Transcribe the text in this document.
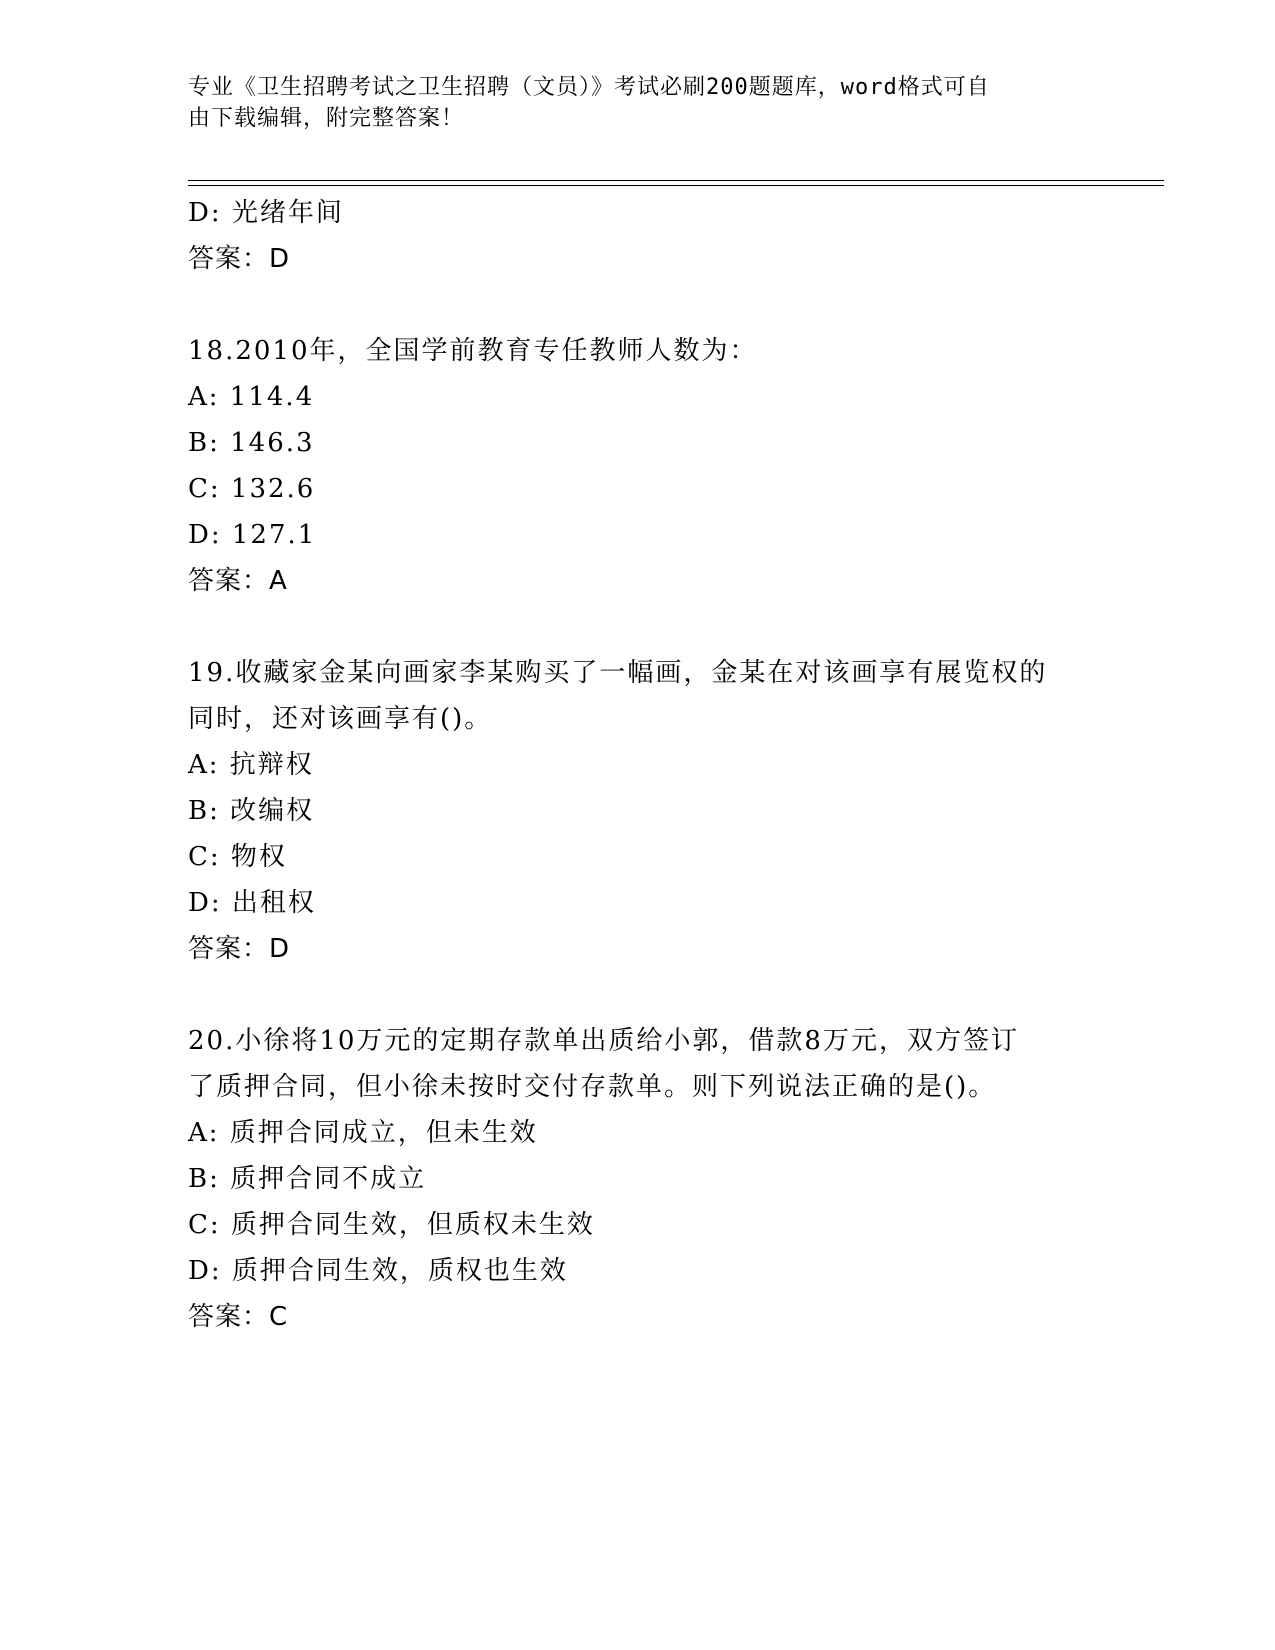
专业《卫生招聘考试之卫生招聘（文员）》考试必刷200题题库，word格式可自
由下载编辑，附完整答案！
D: 光绪年间
答案：D
18.2010年，全国学前教育专任教师人数为：
A: 114.4
B: 146.3
C: 132.6
D: 127.1
答案：A
19.收藏家金某向画家李某购买了一幅画，金某在对该画享有展览权的
同时，还对该画享有()。
A: 抗辩权
B: 改编权
C: 物权
D: 出租权
答案：D
20.小徐将10万元的定期存款单出质给小郭，借款8万元，双方签订
了质押合同，但小徐未按时交付存款单。则下列说法正确的是()。
A: 质押合同成立，但未生效
B: 质押合同不成立
C: 质押合同生效，但质权未生效
D: 质押合同生效，质权也生效
答案：C
